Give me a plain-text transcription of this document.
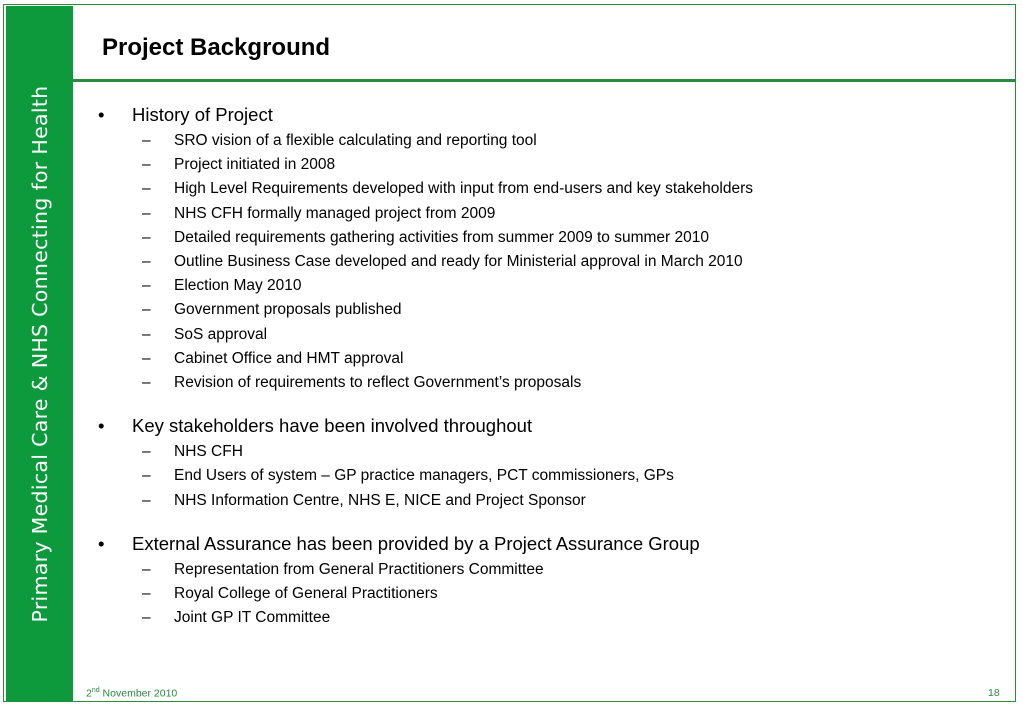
Primary Medical Care & NHS Connecting for Health
Project Background
•	History of Project
–	SRO vision of a flexible calculating and reporting tool
–	Project initiated in 2008
–	High Level Requirements developed with input from end-users and key stakeholders
–	NHS CFH formally managed project from 2009
–	Detailed requirements gathering activities from summer 2009 to summer 2010
–	Outline Business Case developed and ready for Ministerial approval in March 2010
–	Election May 2010
–	Government proposals published
–	SoS approval
–	Cabinet Office and HMT approval
–	Revision of requirements to reflect Government’s proposals
•	Key stakeholders have been involved throughout
–	NHS CFH
–	End Users of system – GP practice managers, PCT commissioners, GPs
–	NHS Information Centre, NHS E, NICE and Project Sponsor
•	External Assurance has been provided by a Project Assurance Group
–	Representation from General Practitioners Committee
–	Royal College of General Practitioners
–	Joint GP IT Committee
2nd November 2010	18
